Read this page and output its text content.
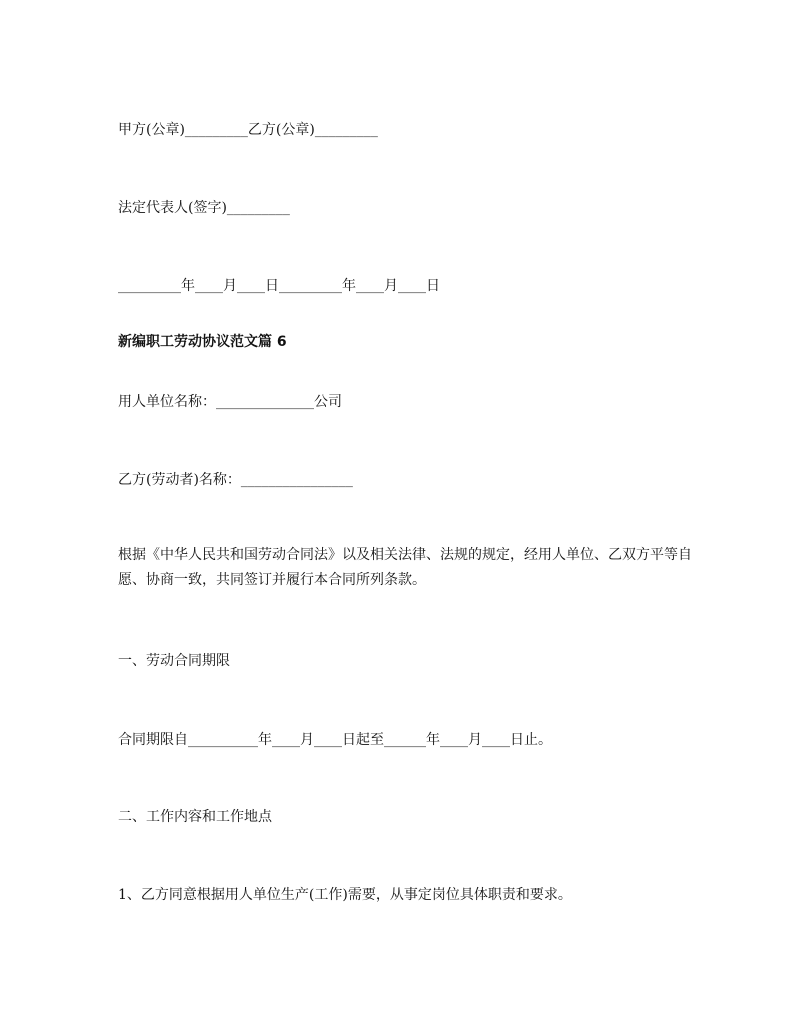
甲方(公章)_________乙方(公章)_________
法定代表人(签字)_________
_________年____月____日_________年____月____日
新编职工劳动协议范文篇 6
用人单位名称：______________公司
乙方(劳动者)名称：________________
根据《中华人民共和国劳动合同法》以及相关法律、法规的规定，经用人单位、乙双方平等自愿、协商一致，共同签订并履行本合同所列条款。
一、劳动合同期限
合同期限自__________年____月____日起至______年____月____日止。
二、工作内容和工作地点
1、乙方同意根据用人单位生产(工作)需要，从事定岗位具体职责和要求。
